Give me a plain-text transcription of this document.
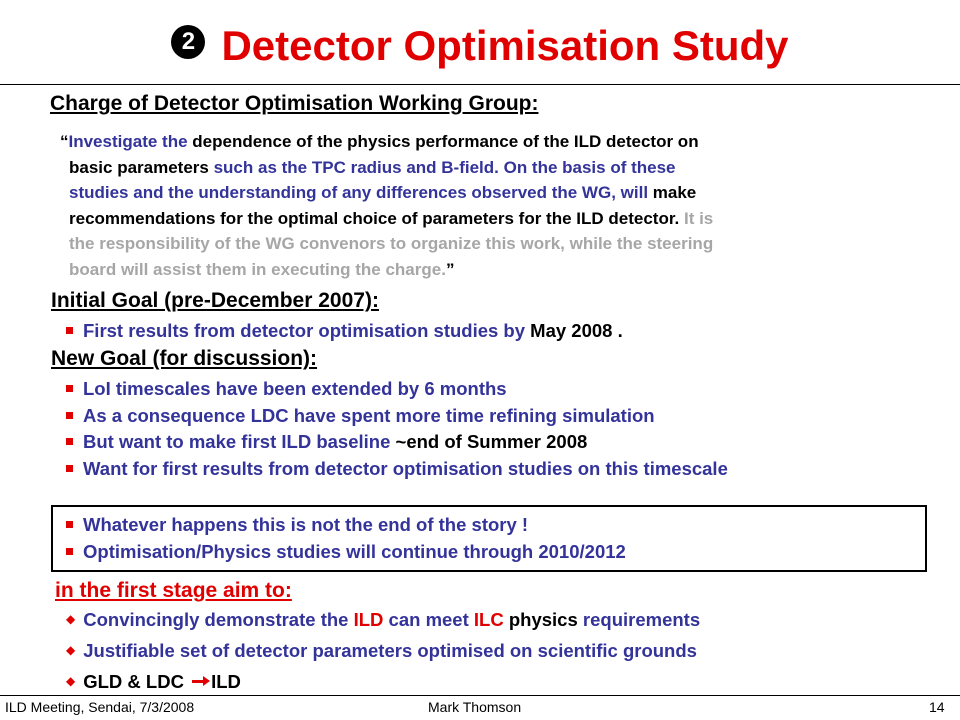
2 Detector Optimisation Study
Charge of Detector Optimisation Working Group:
“Investigate the dependence of the physics performance of the ILD detector on
basic parameters such as the TPC radius and B-field. On the basis of these
studies and the understanding of any differences observed the WG, will make
recommendations for the optimal choice of parameters for the ILD detector. It is
the responsibility of the WG convenors to organize this work, while the steering
board will assist them in executing the charge.”
Initial Goal (pre-December 2007):
First results from detector optimisation studies by May 2008 .
New Goal (for discussion):
LoI timescales have been extended by 6 months
As a consequence LDC have spent more time refining simulation
But want to make first ILD baseline ~end of Summer 2008
Want for first results from detector optimisation studies on this timescale
Whatever happens this is not the end of the story !
Optimisation/Physics studies will continue through 2010/2012
in the first stage aim to:
◆ Convincingly demonstrate the ILD can meet ILC physics requirements
◆ Justifiable set of detector parameters optimised on scientific grounds
◆ GLD & LDC ILD
ILD Meeting, Sendai, 7/3/2008	Mark Thomson	14
